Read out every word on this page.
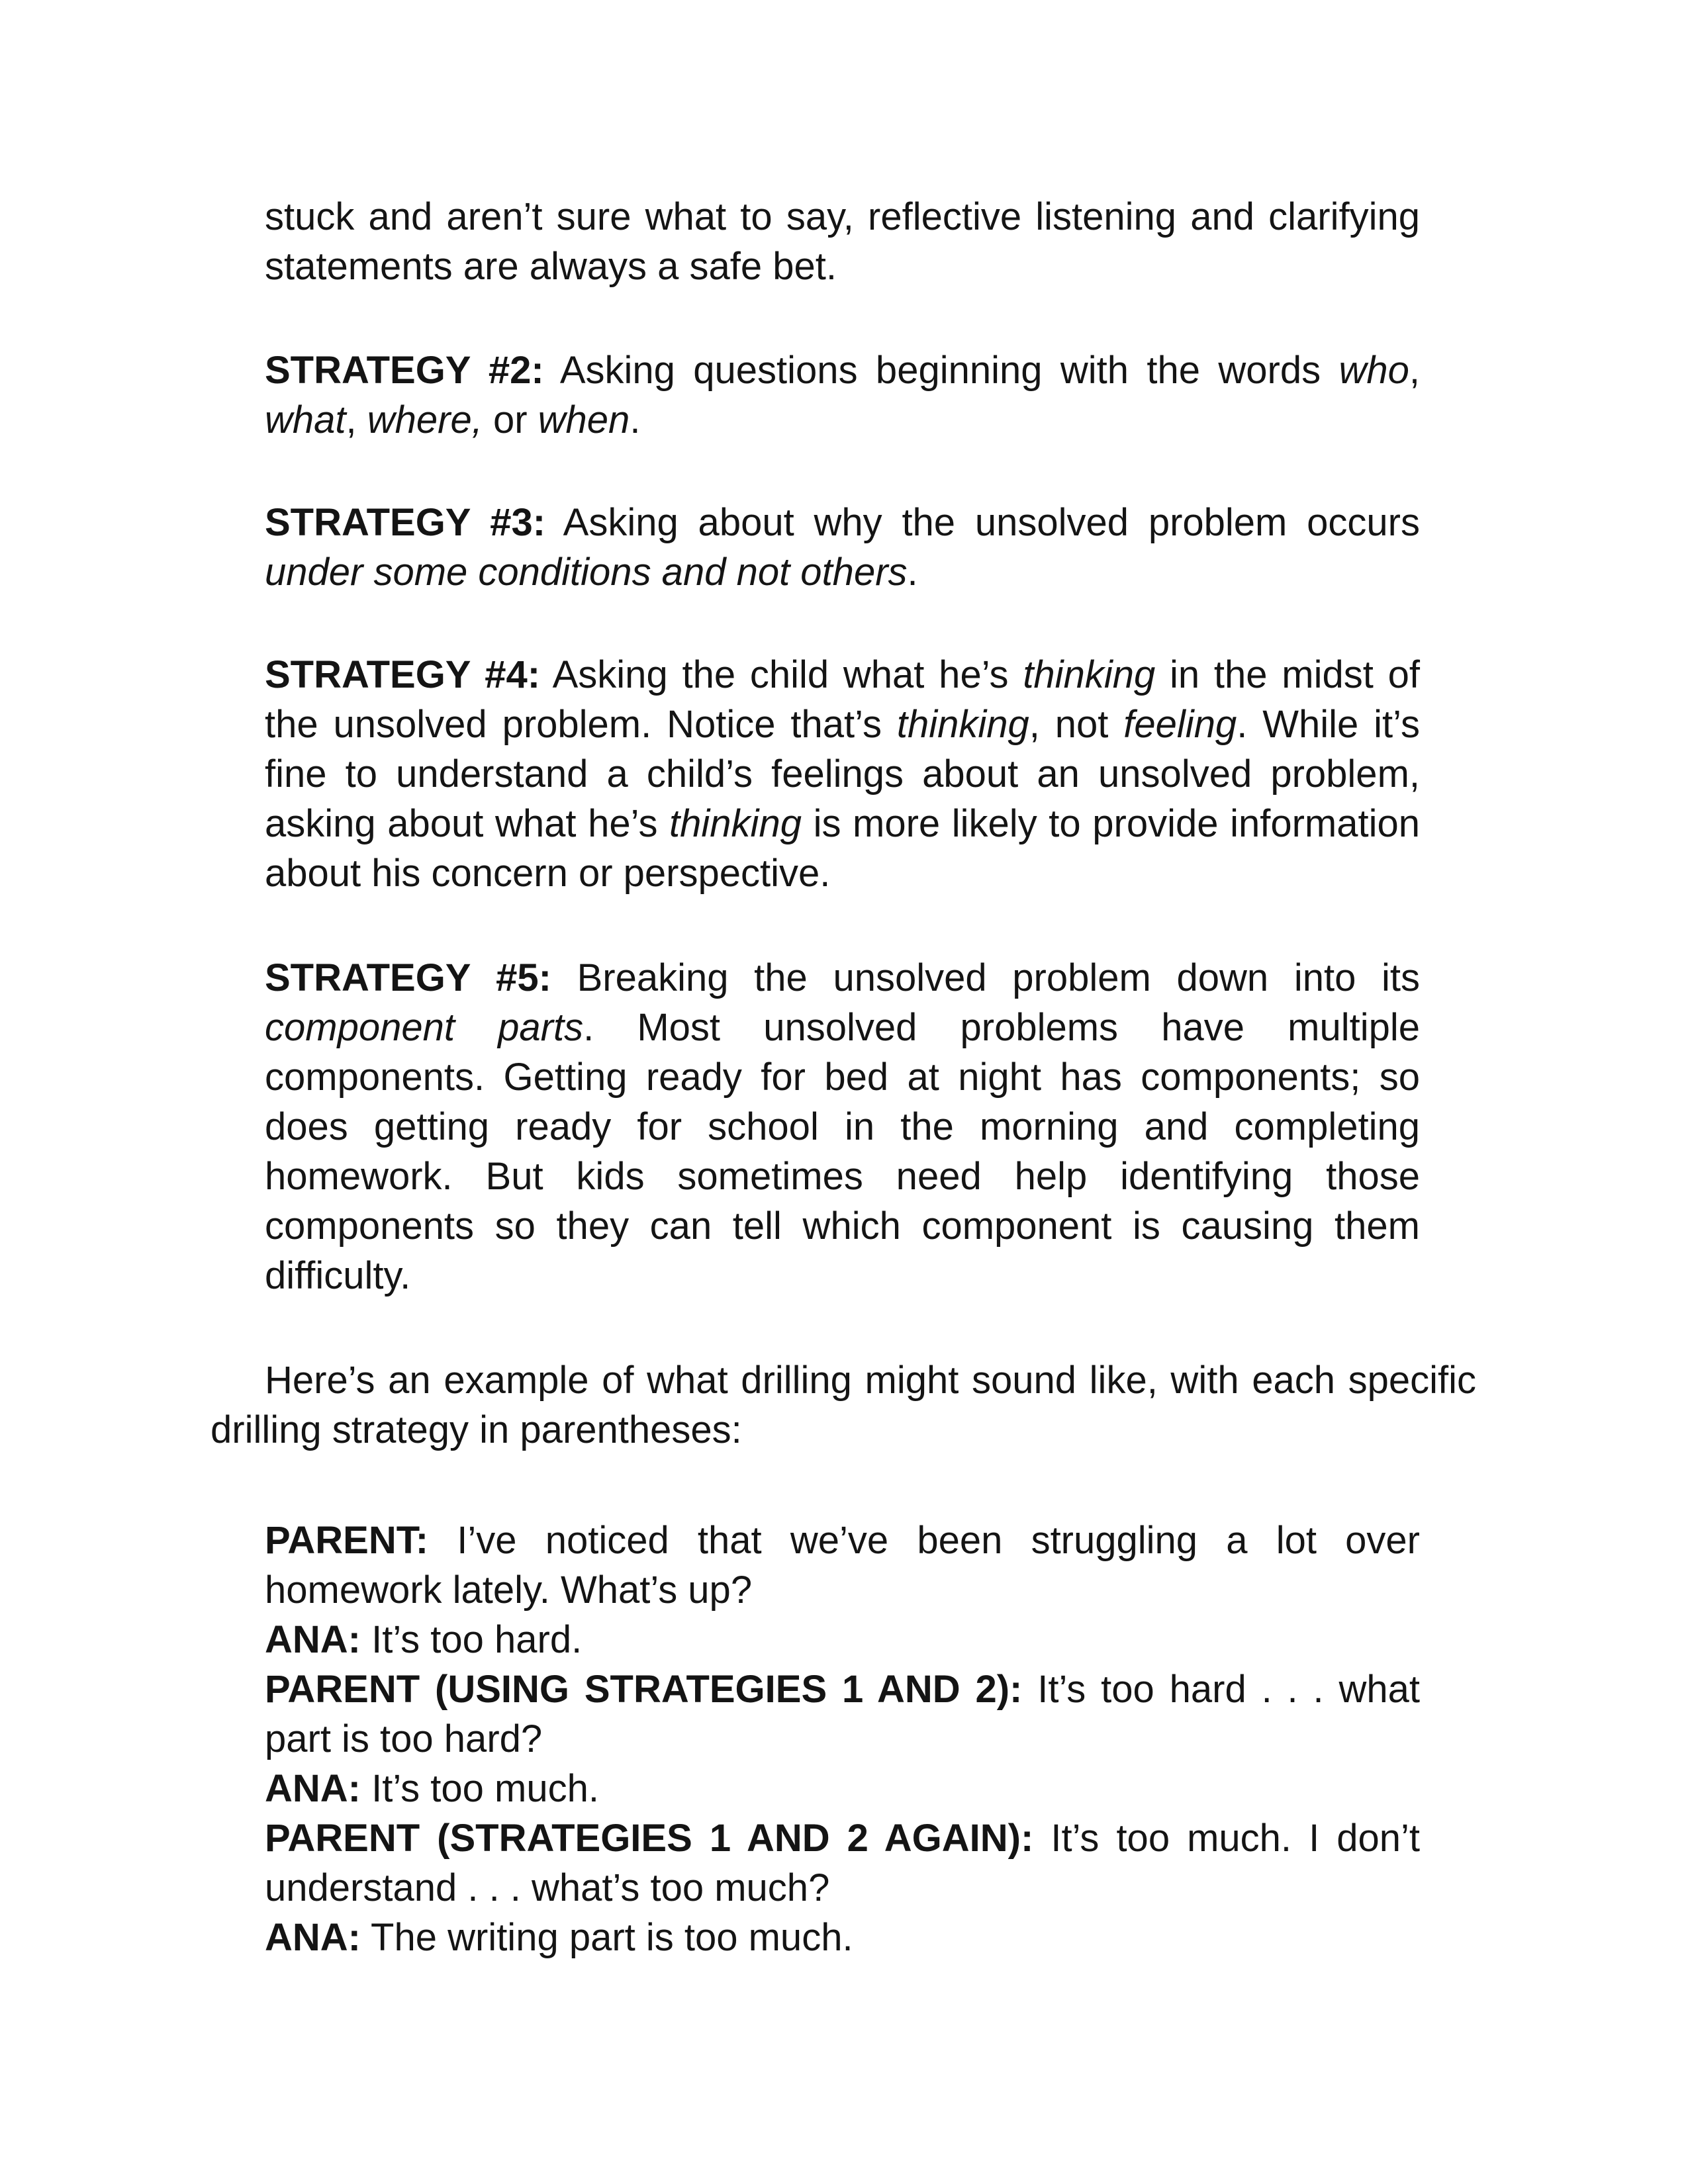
stuck and aren’t sure what to say, reflective listening and clarifying statements are always a safe bet.

STRATEGY #2: Asking questions beginning with the words who, what, where, or when.

STRATEGY #3: Asking about why the unsolved problem occurs under some conditions and not others.

STRATEGY #4: Asking the child what he’s thinking in the midst of the unsolved problem. Notice that’s thinking, not feeling. While it’s fine to understand a child’s feelings about an unsolved problem, asking about what he’s thinking is more likely to provide information about his concern or perspective.

STRATEGY #5: Breaking the unsolved problem down into its component parts. Most unsolved problems have multiple components. Getting ready for bed at night has components; so does getting ready for school in the morning and completing homework. But kids sometimes need help identifying those components so they can tell which component is causing them difficulty.

Here’s an example of what drilling might sound like, with each specific drilling strategy in parentheses:

PARENT: I’ve noticed that we’ve been struggling a lot over homework lately. What’s up?
ANA: It’s too hard.
PARENT (USING STRATEGIES 1 AND 2): It’s too hard . . . what part is too hard?
ANA: It’s too much.
PARENT (STRATEGIES 1 AND 2 AGAIN): It’s too much. I don’t understand . . . what’s too much?
ANA: The writing part is too much.
